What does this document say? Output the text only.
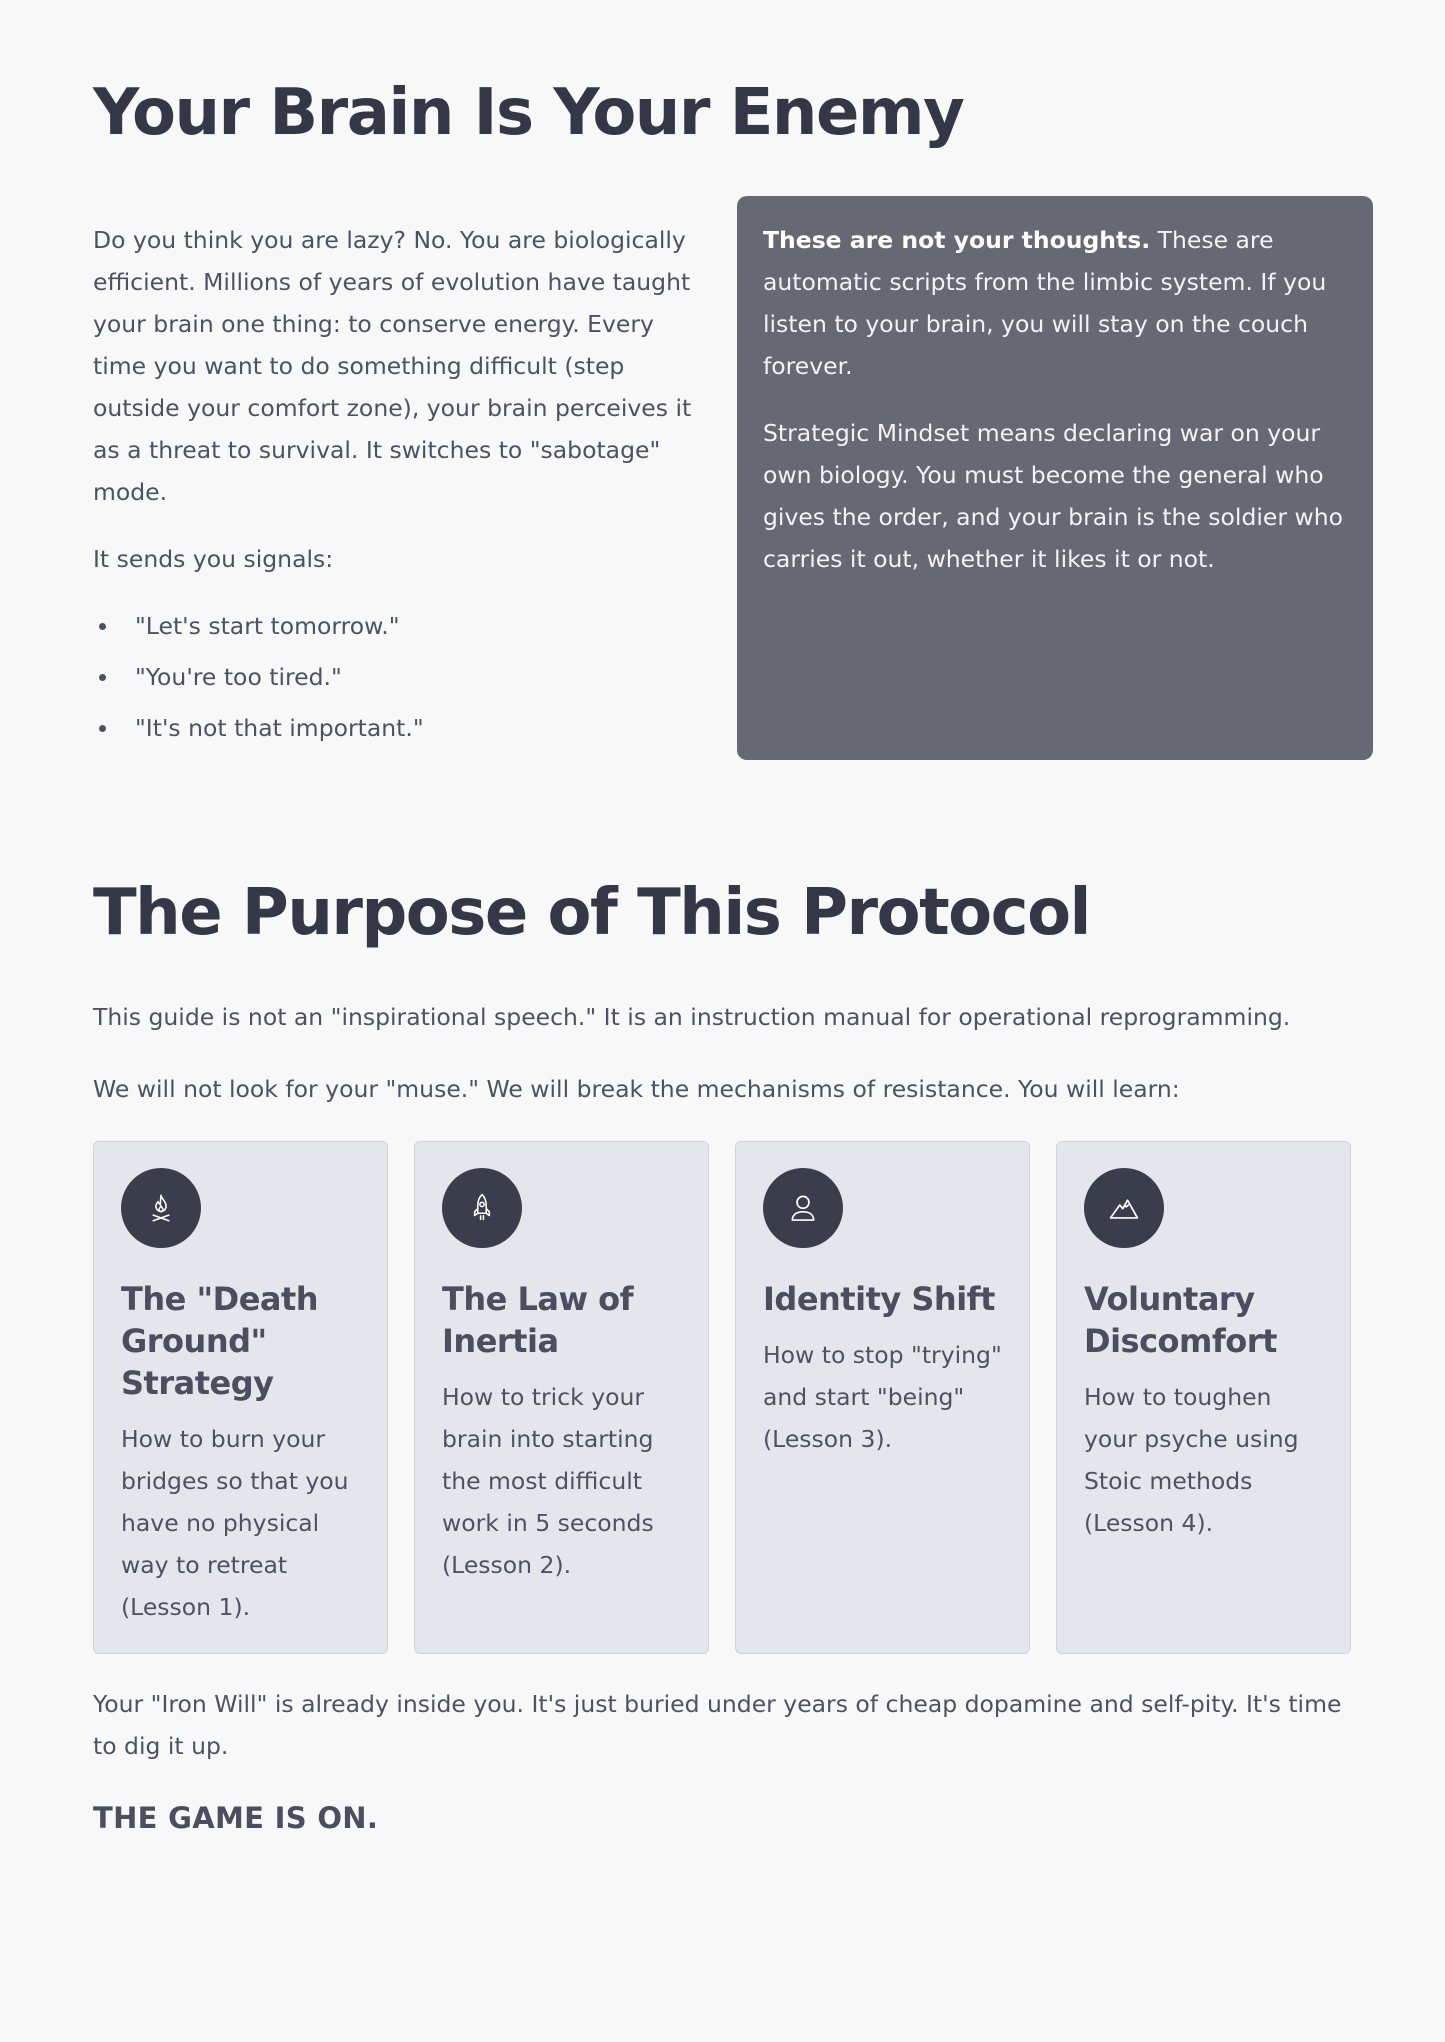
Your Brain Is Your Enemy

Do you think you are lazy? No. You are biologically efficient. Millions of years of evolution have taught your brain one thing: to conserve energy. Every time you want to do something difficult (step outside your comfort zone), your brain perceives it as a threat to survival. It switches to "sabotage" mode.

It sends you signals:

"Let's start tomorrow."
"You're too tired."
"It's not that important."

These are not your thoughts. These are automatic scripts from the limbic system. If you listen to your brain, you will stay on the couch forever.

Strategic Mindset means declaring war on your own biology. You must become the general who gives the order, and your brain is the soldier who carries it out, whether it likes it or not.

The Purpose of This Protocol

This guide is not an "inspirational speech." It is an instruction manual for operational reprogramming.

We will not look for your "muse." We will break the mechanisms of resistance. You will learn:

The "Death Ground" Strategy

How to burn your bridges so that you have no physical way to retreat (Lesson 1).

The Law of Inertia

How to trick your brain into starting the most difficult work in 5 seconds (Lesson 2).

Identity Shift

How to stop "trying" and start "being" (Lesson 3).

Voluntary Discomfort

How to toughen your psyche using Stoic methods (Lesson 4).

Your "Iron Will" is already inside you. It's just buried under years of cheap dopamine and self-pity. It's time to dig it up.

THE GAME IS ON.
